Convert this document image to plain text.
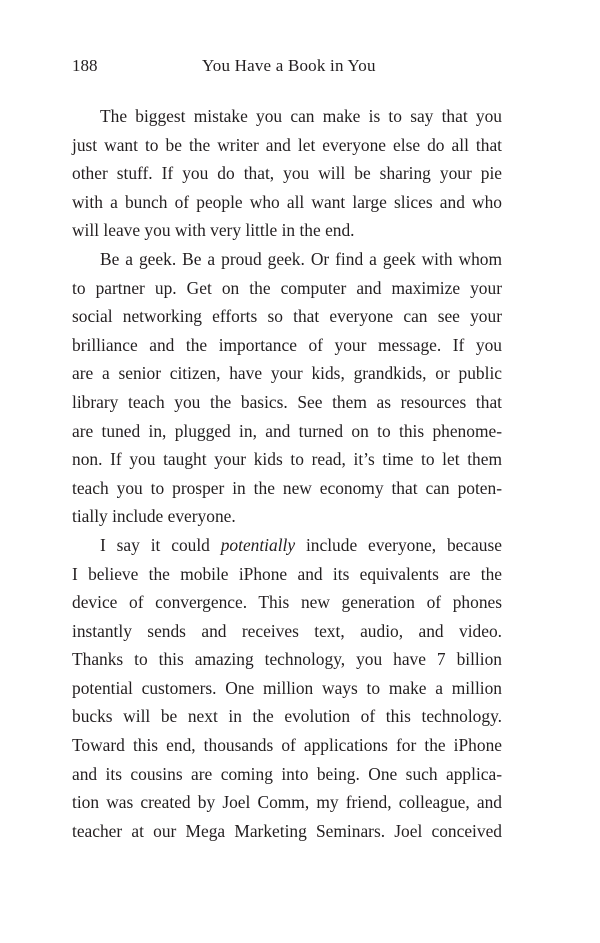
188	You Have a Book in You
The biggest mistake you can make is to say that you
just want to be the writer and let everyone else do all that
other stuff. If you do that, you will be sharing your pie
with a bunch of people who all want large slices and who
will leave you with very little in the end.
Be a geek. Be a proud geek. Or find a geek with whom
to partner up. Get on the computer and maximize your
social networking efforts so that everyone can see your
brilliance and the importance of your message. If you
are a senior citizen, have your kids, grandkids, or public
library teach you the basics. See them as resources that
are tuned in, plugged in, and turned on to this phenome-
non. If you taught your kids to read, it’s time to let them
teach you to prosper in the new economy that can poten-
tially include everyone.
I say it could potentially include everyone, because
I believe the mobile iPhone and its equivalents are the
device of convergence. This new generation of phones
instantly sends and receives text, audio, and video.
Thanks to this amazing technology, you have 7 billion
potential customers. One million ways to make a million
bucks will be next in the evolution of this technology.
Toward this end, thousands of applications for the iPhone
and its cousins are coming into being. One such applica-
tion was created by Joel Comm, my friend, colleague, and
teacher at our Mega Marketing Seminars. Joel conceived
